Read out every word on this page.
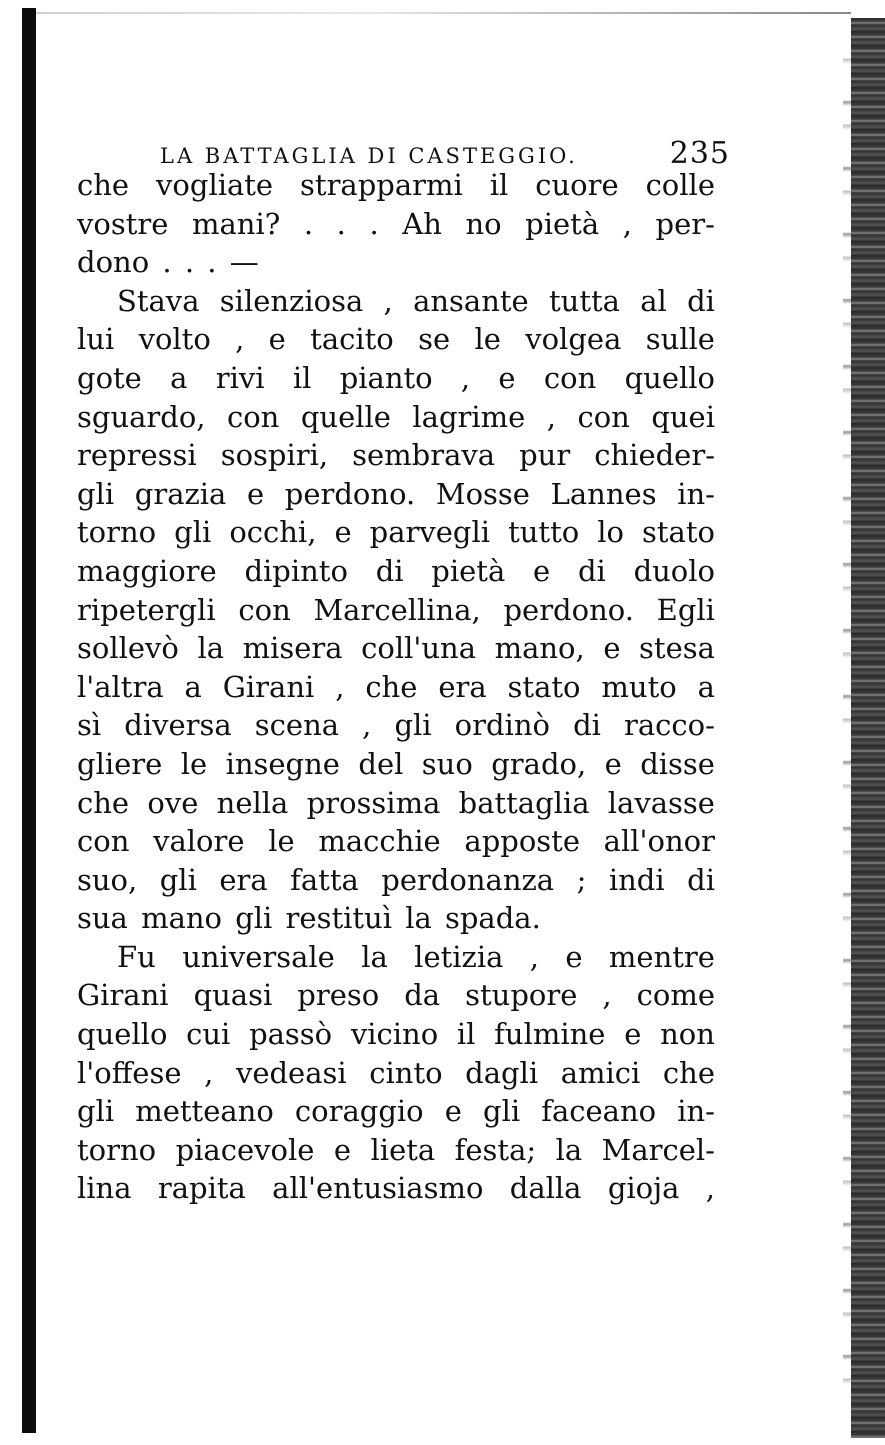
LA BATTAGLIA DI CASTEGGIO.	235
che vogliate strapparmi il cuore colle
vostre mani? . . . Ah no pietà , per-
dono . . . —
Stava silenziosa , ansante tutta al di
lui volto , e tacito se le volgea sulle
gote a rivi il pianto , e con quello
sguardo, con quelle lagrime , con quei
repressi sospiri, sembrava pur chieder-
gli grazia e perdono. Mosse Lannes in-
torno gli occhi, e parvegli tutto lo stato
maggiore dipinto di pietà e di duolo
ripetergli con Marcellina, perdono. Egli
sollevò la misera coll'una mano, e stesa
l'altra a Girani , che era stato muto a
sì diversa scena , gli ordinò di racco-
gliere le insegne del suo grado, e disse
che ove nella prossima battaglia lavasse
con valore le macchie apposte all'onor
suo, gli era fatta perdonanza ; indi di
sua mano gli restituì la spada.
Fu universale la letizia , e mentre
Girani quasi preso da stupore , come
quello cui passò vicino il fulmine e non
l'offese , vedeasi cinto dagli amici che
gli metteano coraggio e gli faceano in-
torno piacevole e lieta festa; la Marcel-
lina rapita all'entusiasmo dalla gioja ,
